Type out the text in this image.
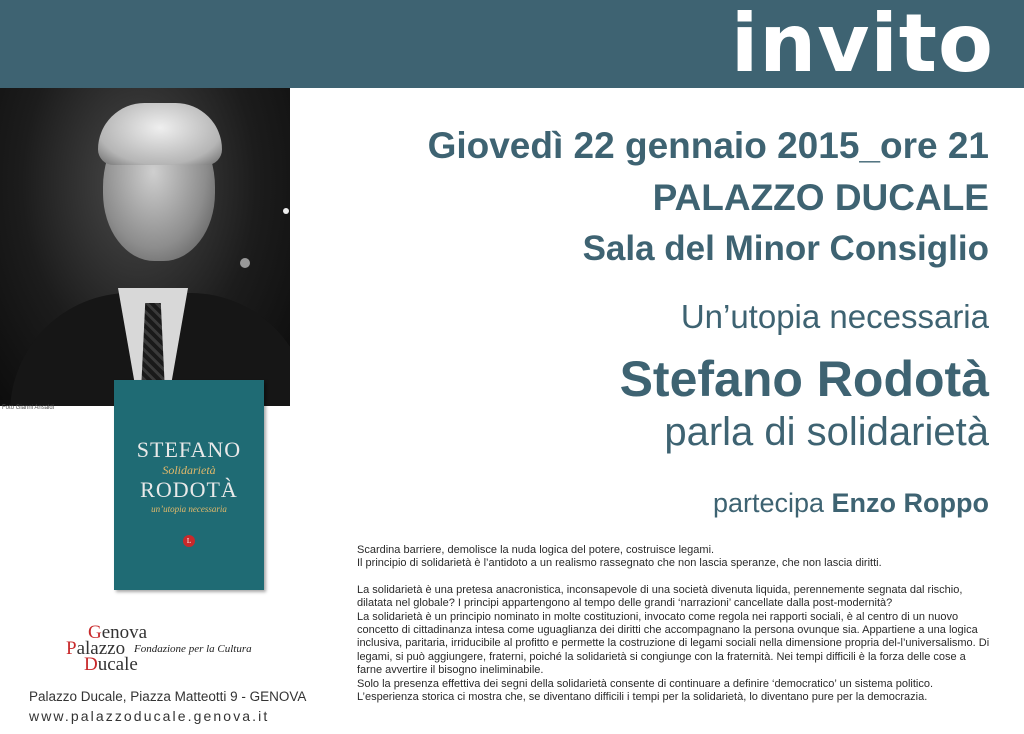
invito
Foto Gianni Ansaldi
STEFANO
Solidarietà
RODOTÀ
un’utopia necessaria
L
Giovedì 22 gennaio 2015_ore 21
PALAZZO DUCALE
Sala del Minor Consiglio
Un’utopia necessaria
Stefano Rodotà
parla di solidarietà
partecipa Enzo Roppo

Scardina barriere, demolisce la nuda logica del potere, costruisce legami.

Il principio di solidarietà è l’antidoto a un realismo rassegnato che non lascia speranze, che non lascia diritti.

La solidarietà è una pretesa anacronistica, inconsapevole di una società divenuta liquida, perennemente segnata dal rischio, dilatata nel globale? I principi appartengono al tempo delle grandi ‘narrazioni’ cancellate dalla post-modernità?

La solidarietà è un principio nominato in molte costituzioni, invocato come regola nei rapporti sociali, è al centro di un nuovo concetto di cittadinanza intesa come uguaglianza dei diritti che accompagnano la persona ovunque sia. Appartiene a una logica inclusiva, paritaria, irriducibile al profitto e permette la costruzione di legami sociali nella dimensione propria del-l’universalismo. Di legami, si può aggiungere, fraterni, poiché la solidarietà si congiunge con la fraternità. Nei tempi difficili è la forza delle cose a farne avvertire il bisogno ineliminabile.

Solo la presenza effettiva dei segni della solidarietà consente di continuare a definire ‘democratico’ un sistema politico.

L’esperienza storica ci mostra che, se diventano difficili i tempi per la solidarietà, lo diventano pure per la democrazia.

Genova
Palazzo
Ducale
Fondazione per la Cultura
Palazzo Ducale, Piazza Matteotti 9 - GENOVA
www.palazzoducale.genova.it
